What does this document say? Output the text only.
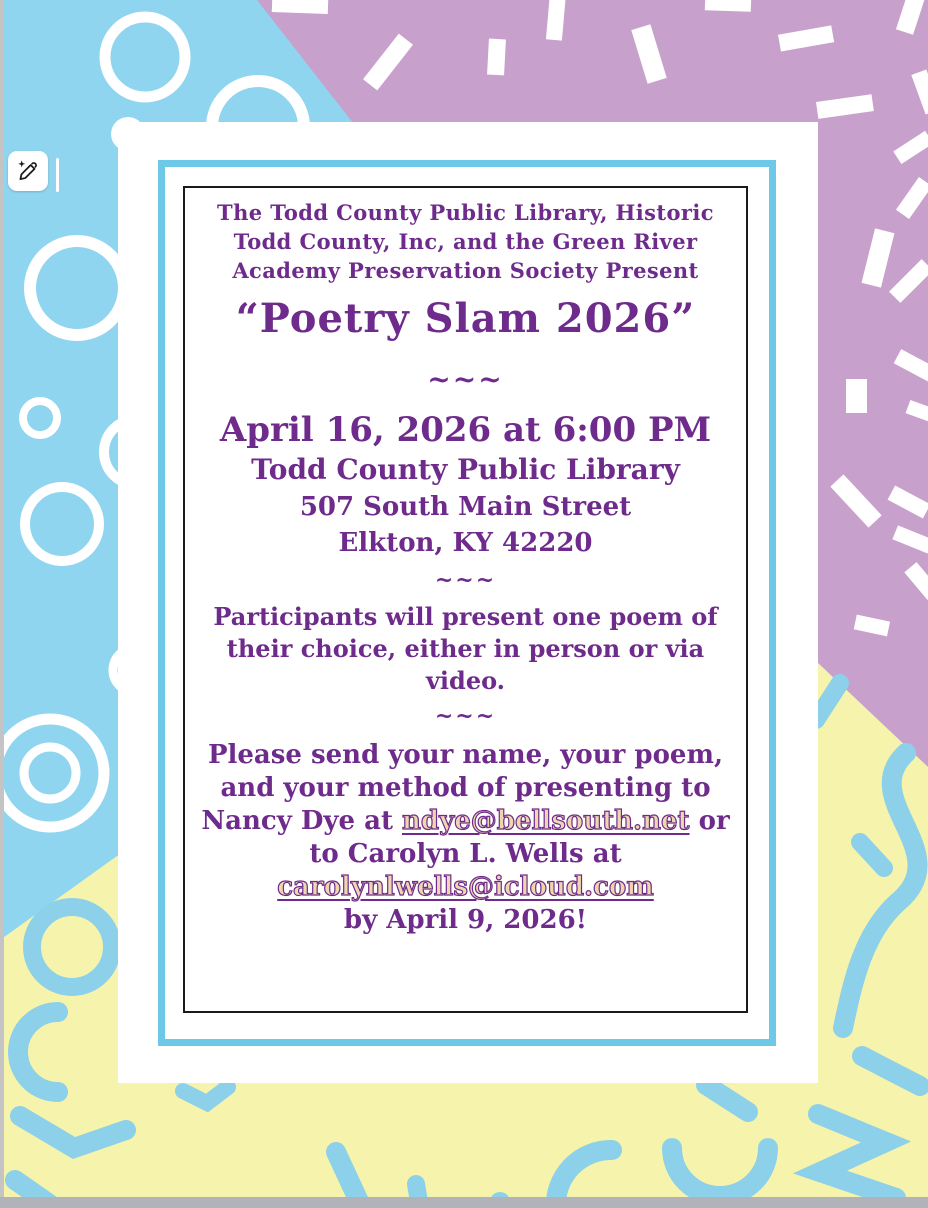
The Todd County Public Library, Historic
Todd County, Inc, and the Green River
Academy Preservation Society Present
“Poetry Slam 2026”
~~~
April 16, 2026 at 6:00 PM
Todd County Public Library
507 South Main Street
Elkton, KY 42220
~~~
Participants will present one poem of
their choice, either in person or via
video.
~~~
Please send your name, your poem,
and your method of presenting to
Nancy Dye at ndye@bellsouth.net or
to Carolyn L. Wells at
carolynlwells@icloud.com
by April 9, 2026!
